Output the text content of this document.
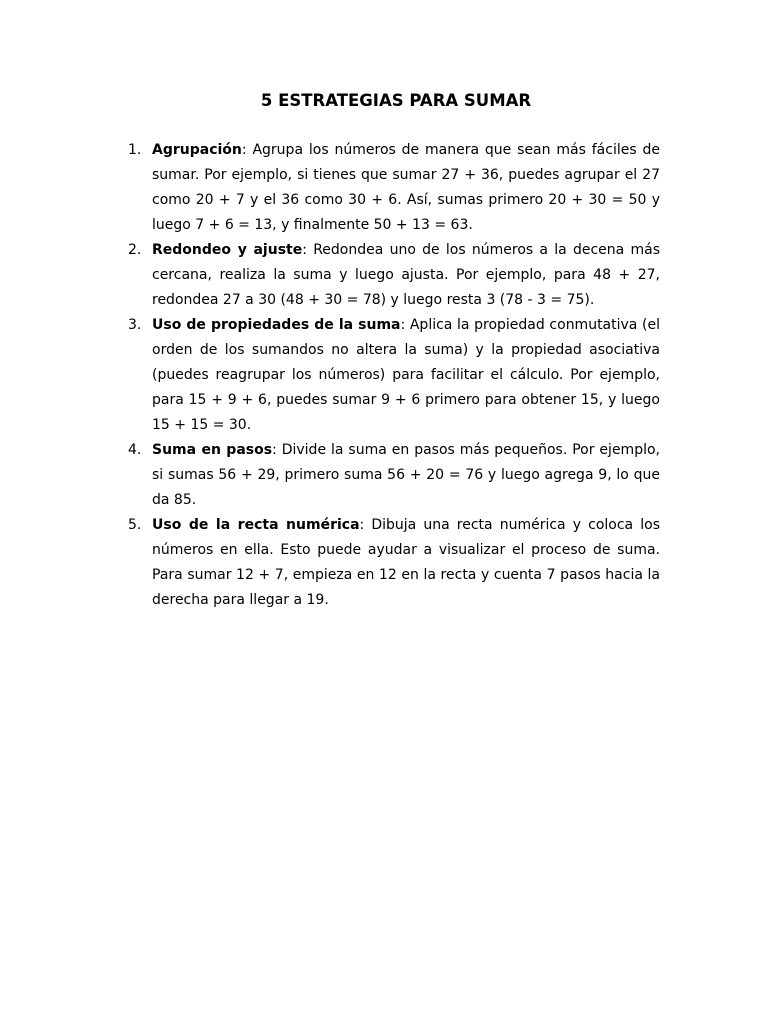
5 ESTRATEGIAS PARA SUMAR
1. Agrupación: Agrupa los números de manera que sean más fáciles de sumar. Por ejemplo, si tienes que sumar 27 + 36, puedes agrupar el 27 como 20 + 7 y el 36 como 30 + 6. Así, sumas primero 20 + 30 = 50 y luego 7 + 6 = 13, y finalmente 50 + 13 = 63.
2. Redondeo y ajuste: Redondea uno de los números a la decena más cercana, realiza la suma y luego ajusta. Por ejemplo, para 48 + 27, redondea 27 a 30 (48 + 30 = 78) y luego resta 3 (78 - 3 = 75).
3. Uso de propiedades de la suma: Aplica la propiedad conmutativa (el orden de los sumandos no altera la suma) y la propiedad asociativa (puedes reagrupar los números) para facilitar el cálculo. Por ejemplo, para 15 + 9 + 6, puedes sumar 9 + 6 primero para obtener 15, y luego 15 + 15 = 30.
4. Suma en pasos: Divide la suma en pasos más pequeños. Por ejemplo, si sumas 56 + 29, primero suma 56 + 20 = 76 y luego agrega 9, lo que da 85.
5. Uso de la recta numérica: Dibuja una recta numérica y coloca los números en ella. Esto puede ayudar a visualizar el proceso de suma. Para sumar 12 + 7, empieza en 12 en la recta y cuenta 7 pasos hacia la derecha para llegar a 19.
